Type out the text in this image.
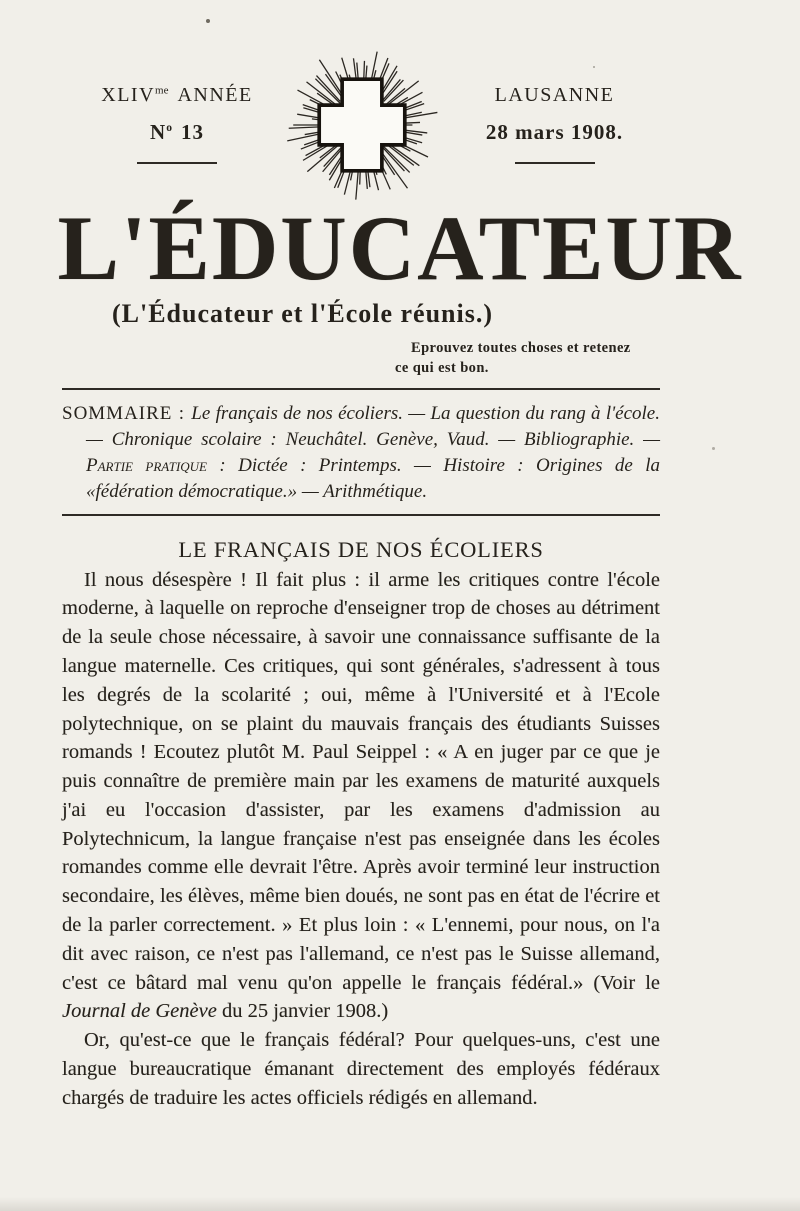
$XLIV^{me}$ ANNÉE
$N^o$ 13
LAUSANNE
28 mars 1908.
L'ÉDUCATEUR
(L'Éducateur et l'École réunis.)
Eprouvez toutes choses et retenez
ce qui est bon.

SOMMAIRE : Le français de nos écoliers. — La question du rang à l'école. — Chronique scolaire : Neuchâtel. Genève, Vaud. — Bibliographie. — Partie pratique : Dictée : Printemps. — Histoire : Origines de la «fédération démocratique.» — Arithmétique.

LE FRANÇAIS DE NOS ÉCOLIERS

Il nous désespère ! Il fait plus : il arme les critiques contre l'école moderne, à laquelle on reproche d'enseigner trop de choses au détriment de la seule chose nécessaire, à savoir une connaissance suffisante de la langue maternelle. Ces critiques, qui sont générales, s'adressent à tous les degrés de la scolarité ; oui, même à l'Université et à l'Ecole polytechnique, on se plaint du mauvais français des étudiants Suisses romands ! Ecoutez plutôt M. Paul Seippel : « A en juger par ce que je puis connaître de première main par les examens de maturité auxquels j'ai eu l'occasion d'assister, par les examens d'admission au Polytechnicum, la langue française n'est pas enseignée dans les écoles romandes comme elle devrait l'être. Après avoir terminé leur instruction secondaire, les élèves, même bien doués, ne sont pas en état de l'écrire et de la parler correctement. » Et plus loin : « L'ennemi, pour nous, on l'a dit avec raison, ce n'est pas l'allemand, ce n'est pas le Suisse allemand, c'est ce bâtard mal venu qu'on appelle le français fédéral.» (Voir le Journal de Genève du 25 janvier 1908.)

Or, qu'est-ce que le français fédéral? Pour quelques-uns, c'est une langue bureaucratique émanant directement des employés fédéraux chargés de traduire les actes officiels rédigés en allemand.
